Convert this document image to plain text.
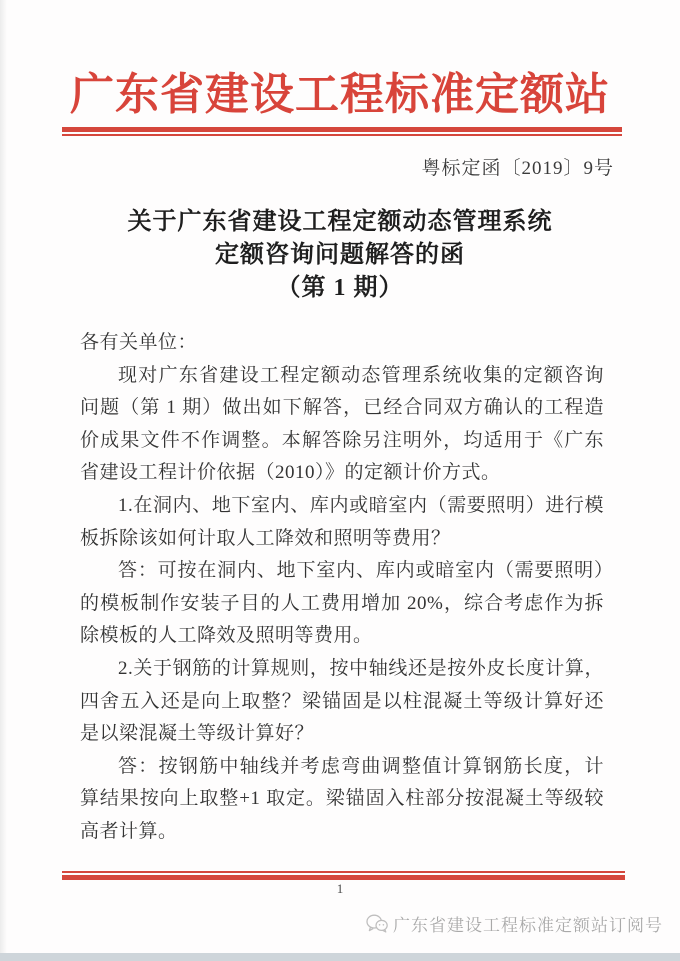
广东省建设工程标准定额站
粤标定函〔2019〕9号
关于广东省建设工程定额动态管理系统
定额咨询问题解答的函
（第 1 期）

各有关单位：

现对广东省建设工程定额动态管理系统收集的定额咨询问题（第 1 期）做出如下解答，已经合同双方确认的工程造价成果文件不作调整。本解答除另注明外，均适用于《广东省建设工程计价依据（2010）》的定额计价方式。

1.在洞内、地下室内、库内或暗室内（需要照明）进行模板拆除该如何计取人工降效和照明等费用？

答：可按在洞内、地下室内、库内或暗室内（需要照明）的模板制作安装子目的人工费用增加 20%，综合考虑作为拆除模板的人工降效及照明等费用。

2.关于钢筋的计算规则，按中轴线还是按外皮长度计算，四舍五入还是向上取整？梁锚固是以柱混凝土等级计算好还是以梁混凝土等级计算好？

答：按钢筋中轴线并考虑弯曲调整值计算钢筋长度，计算结果按向上取整+1 取定。梁锚固入柱部分按混凝土等级较高者计算。

1
广东省建设工程标准定额站订阅号
